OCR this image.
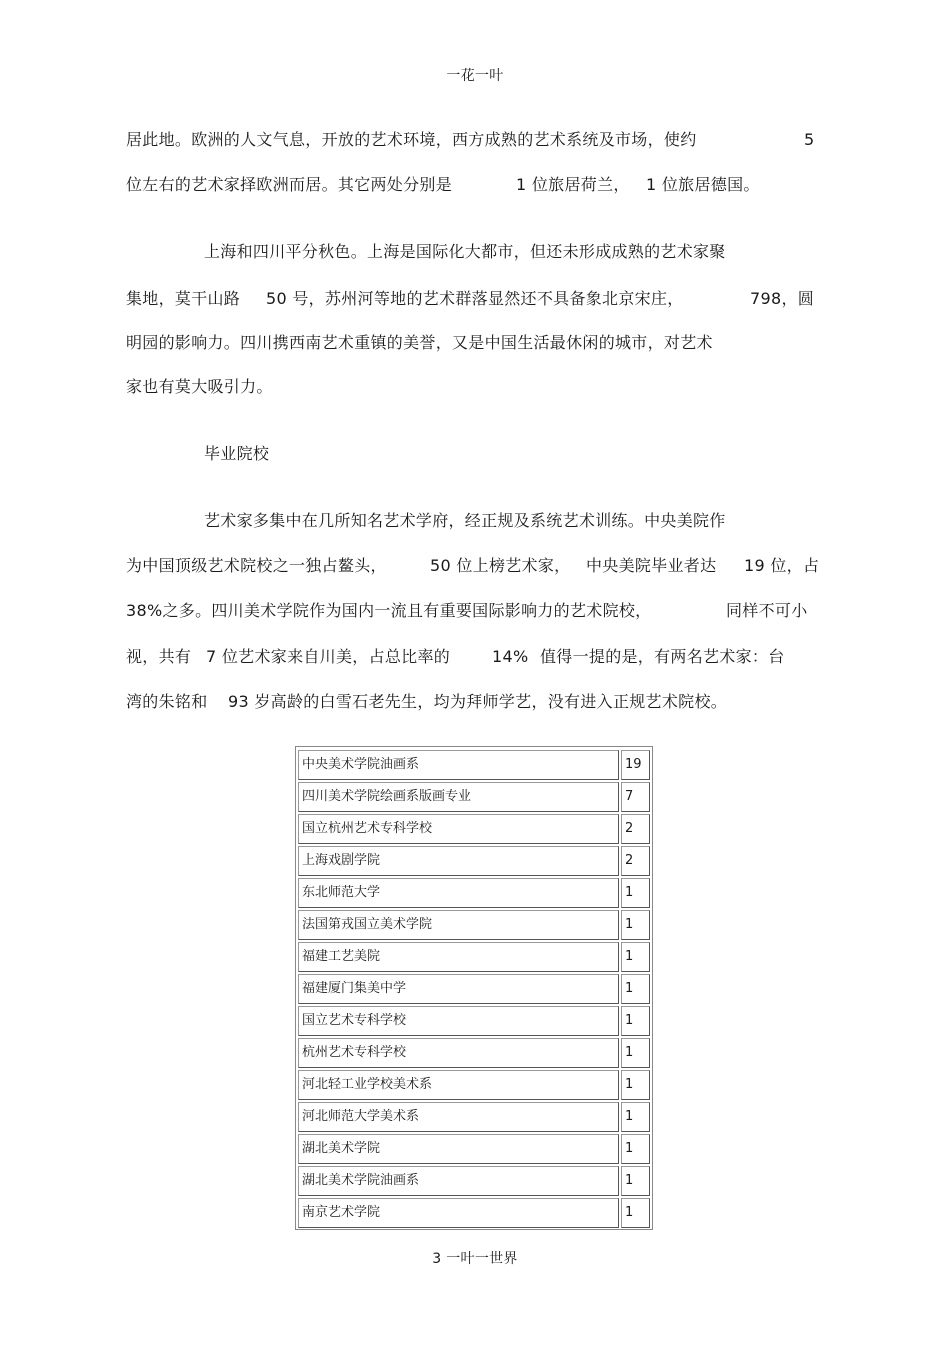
一花一叶
居此地。欧洲的人文气息，开放的艺术环境，西方成熟的艺术系统及市场，使约	5
位左右的艺术家择欧洲而居。其它两处分别是	1 位旅居荷兰， 1 位旅居德国。
上海和四川平分秋色。上海是国际化大都市，但还未形成成熟的艺术家聚
集地，莫干山路 50 号，苏州河等地的艺术群落显然还不具备象北京宋庄，	798，圆
明园的影响力。四川携西南艺术重镇的美誉，又是中国生活最休闲的城市，对艺术
家也有莫大吸引力。
毕业院校
艺术家多集中在几所知名艺术学府，经正规及系统艺术训练。中央美院作
为中国顶级艺术院校之一独占鳌头，	50 位上榜艺术家， 中央美院毕业者达 19 位，占
38%之多。四川美术学院作为国内一流且有重要国际影响力的艺术院校，	同样不可小
视，共有 7 位艺术家来自川美，占总比率的	14% 值得一提的是，有两名艺术家：台
湾的朱铭和 93 岁高龄的白雪石老先生，均为拜师学艺，没有进入正规艺术院校。
中央美术学院油画系	19
四川美术学院绘画系版画专业	7
国立杭州艺术专科学校	2
上海戏剧学院	2
东北师范大学	1
法国第戎国立美术学院	1
福建工艺美院	1
福建厦门集美中学	1
国立艺术专科学校	1
杭州艺术专科学校	1
河北轻工业学校美术系	1
河北师范大学美术系	1
湖北美术学院	1
湖北美术学院油画系	1
南京艺术学院	1
3 一叶一世界
